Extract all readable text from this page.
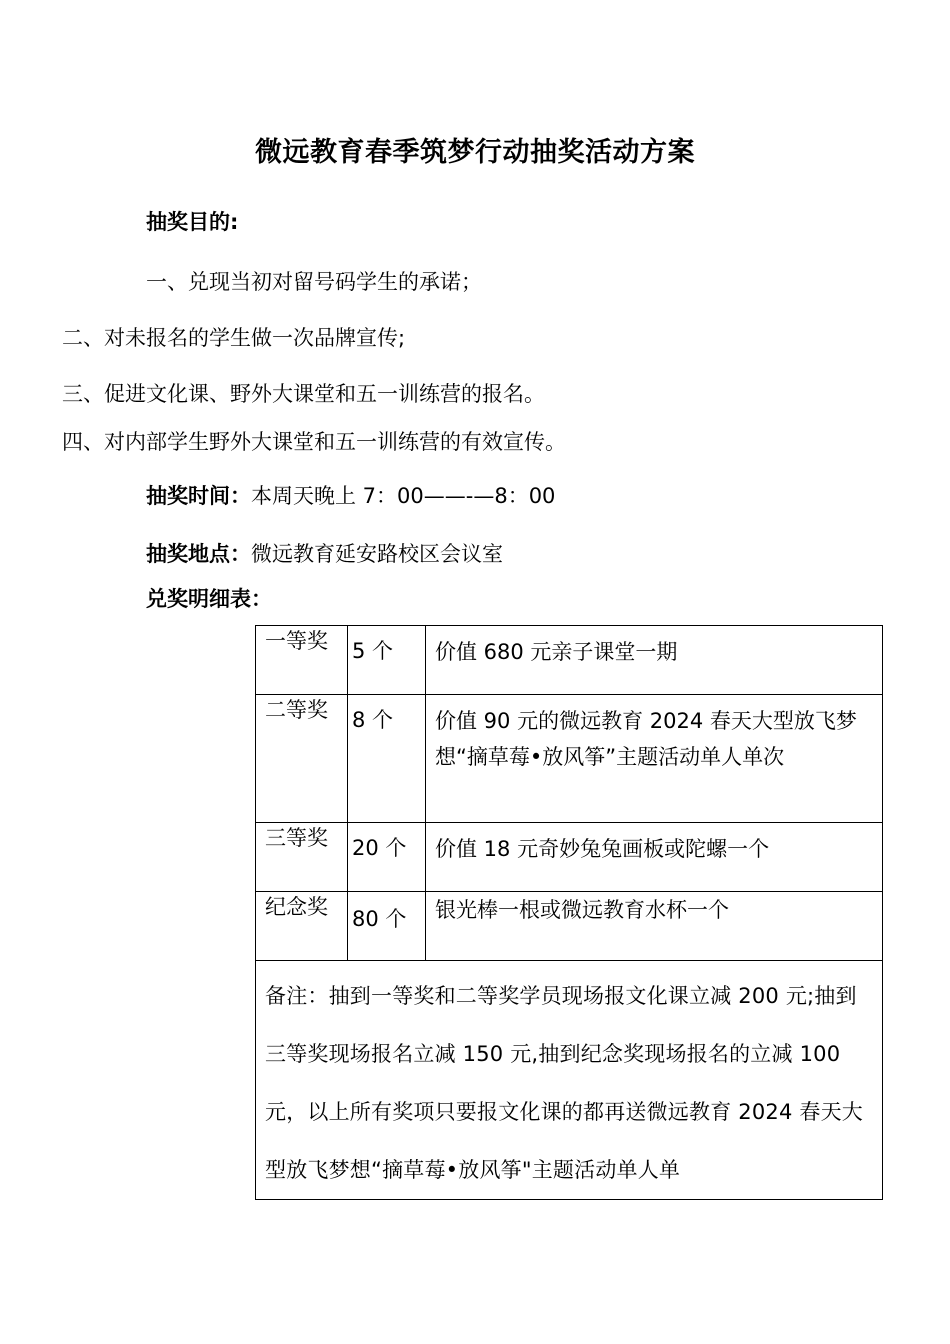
微远教育春季筑梦行动抽奖活动方案
抽奖目的:
一、兑现当初对留号码学生的承诺；
二、对未报名的学生做一次品牌宣传;
三、促进文化课、野外大课堂和五一训练营的报名。
四、对内部学生野外大课堂和五一训练营的有效宣传。
抽奖时间：本周天晚上 7：00——-—8：00
抽奖地点：微远教育延安路校区会议室
兑奖明细表：
一等奖	5 个	价值 680 元亲子课堂一期

二等奖	8 个	价值 90 元的微远教育 2024 春天大型放飞梦想“摘草莓•放风筝”主题活动单人单次

三等奖	20 个	价值 18 元奇妙兔兔画板或陀螺一个

纪念奖	80 个	银光棒一根或微远教育水杯一个

备注：抽到一等奖和二等奖学员现场报文化课立减 200 元;抽到三等奖现场报名立减 150 元,抽到纪念奖现场报名的立减 100 元，以上所有奖项只要报文化课的都再送微远教育 2024 春天大型放飞梦想“摘草莓•放风筝"主题活动单人单		
